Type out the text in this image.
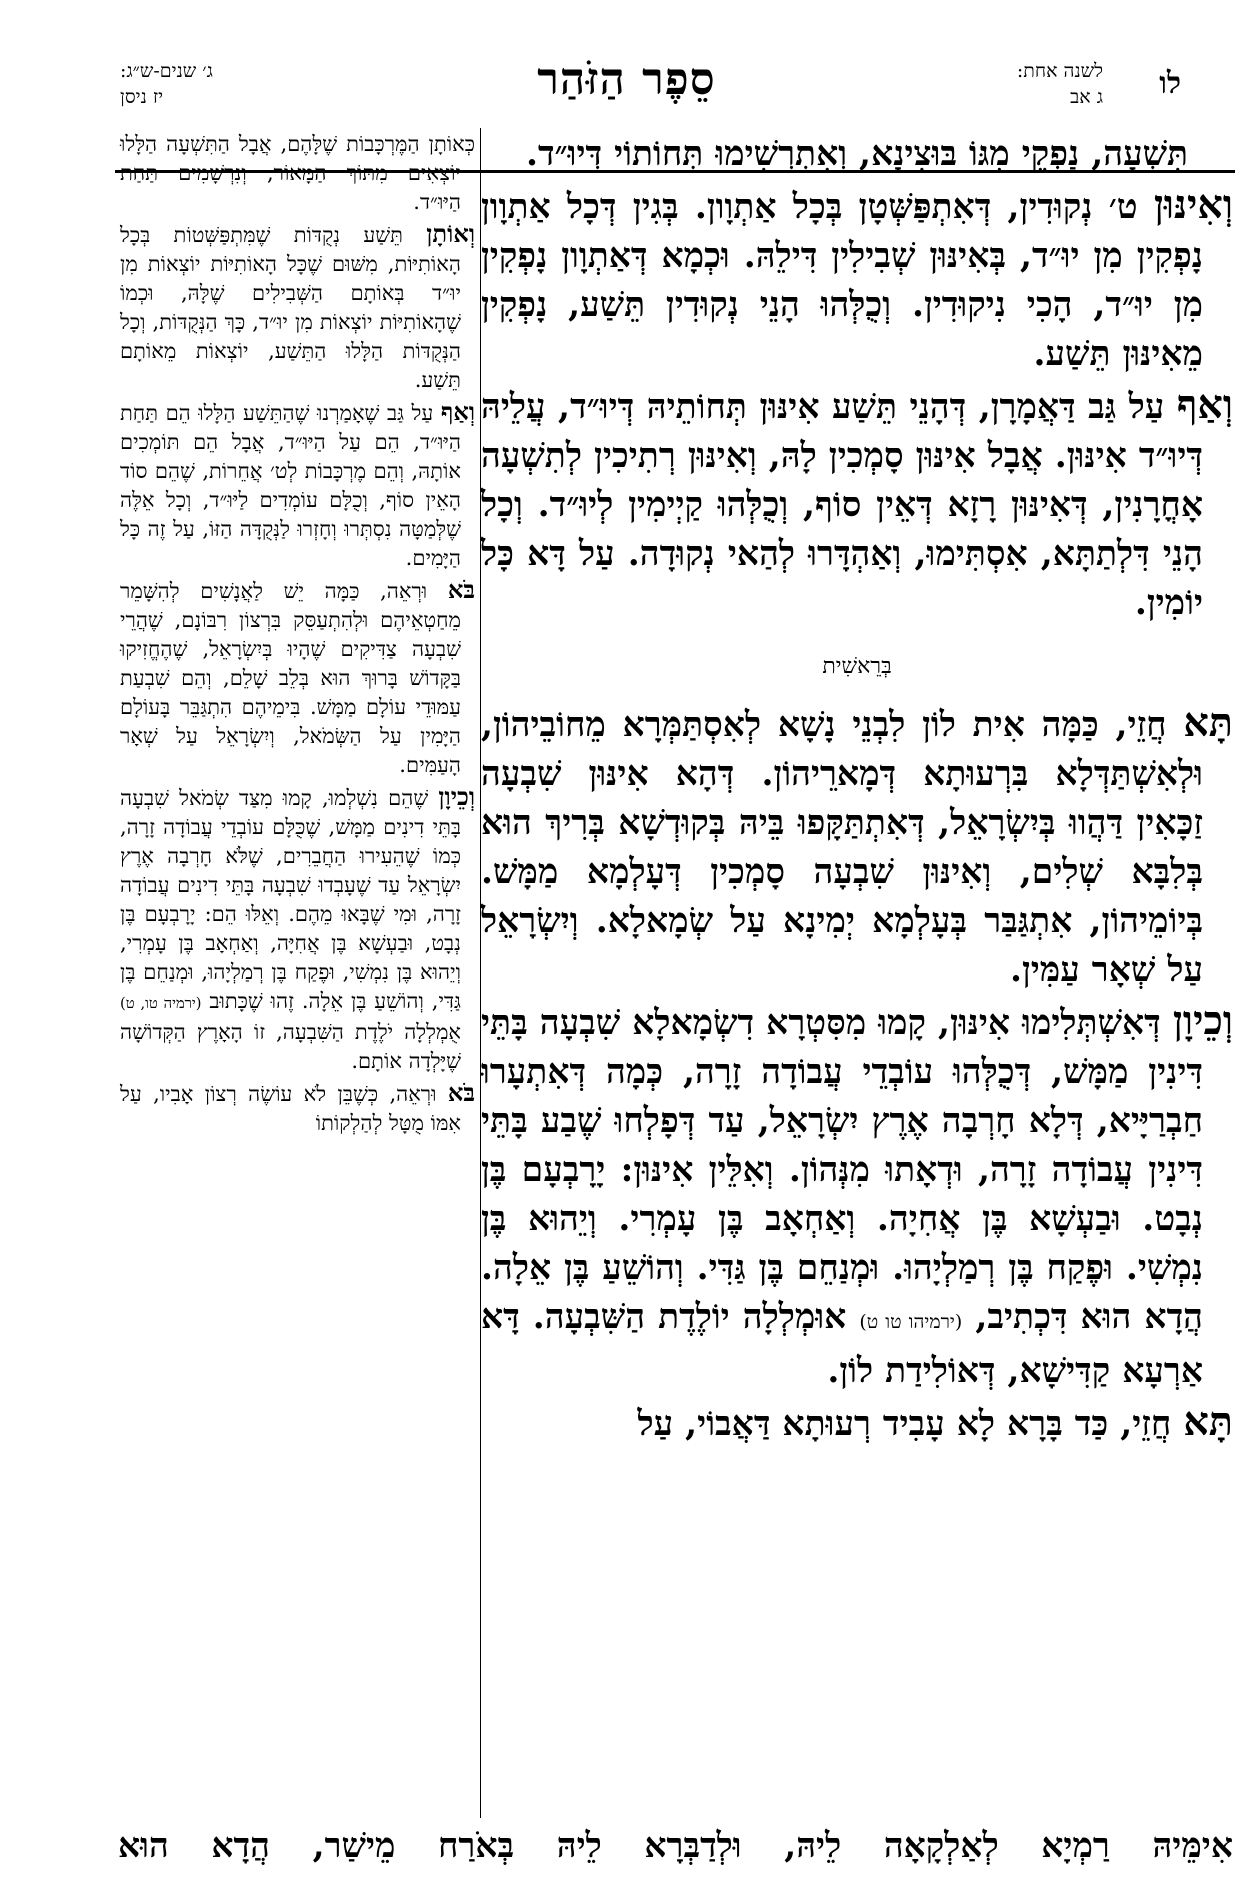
לו
לשנה אחת:
ג אב
סֵפֶר הַזֹּהַר
ג׳ שנים-ש״ג:
יז ניסן

תִּשְׁעָה, נַפְקֵי מִגּוֹ בּוּצִינָא, וְאִתְרְשִׁימוּ תְּחוֹתוֹי דְּיוּ״ד.

וְאִינּוּן ט׳ נְקוּדִין, דְּאִתְפַּשְּׁטָן בְּכָל אַתְוָון. בְּגִין דְּכָל אַתְוָון נָפְקִין מִן יוּ״ד, בְּאִינּוּן שְׁבִילִין דִּילֵהּ. וּכְמָא דְּאַתְוָון נָפְקִין מִן יוּ״ד, הָכִי נִיקוּדִין. וְכֻלְּהוּ הָנֵי נְקוּדִין תֵּשַׁע, נָפְקִין מֵאִינּוּן תֵּשַׁע.

וְאַף עַל גַּב דַּאֲמָרָן, דְּהָנֵי תֵּשַׁע אִינּוּן תְּחוֹתֵיהּ דְּיוּ״ד, עֲלֵיהּ דְּיוּ״ד אִינּוּן. אֲבָל אִינּוּן סָמְכִין לָהּ, וְאִינּוּן רְתִיכִין לְתִשְׁעָה אָחֳרָנִין, דְּאִינּוּן רָזָא דְּאֵין סוֹף, וְכֻלְּהוּ קַיְימִין לְיוּ״ד. וְכָל הָנֵי דִּלְתַתָּא, אִסְתִּימוּ, וְאַהְדָּרוּ לְהַאי נְקוּדָה. עַל דָּא כָּל יוֹמִין.

בְּרֵאשִׁית

תָּא חֲזֵי, כַּמָּה אִית לוֹן לִבְנֵי נָשָׁא לְאִסְתַּמְּרָא מֵחוֹבֵיהוֹן, וּלְאִשְׁתַּדְּלָא בִּרְעוּתָא דְּמָארֵיהוֹן. דְּהָא אִינּוּן שִׁבְעָה זַכָּאִין דַּהֲווּ בְּיִשְׂרָאֵל, דְּאִתְתַּקָּפוּ בֵּיהּ בְּקוּדְשָׁא בְּרִיךְ הוּא בְּלִבָּא שְׁלִים, וְאִינּוּן שִׁבְעָה סָמְכִין דְּעָלְמָא מַמָּשׁ. בְּיוֹמֵיהוֹן, אִתְגַּבַּר בְּעָלְמָא יְמִינָא עַל שְׂמָאלָא. וְיִשְׂרָאֵל עַל שְׁאָר עַמִּין.

וְכֵיוָן דְּאִשְׁתְּלִימוּ אִינּוּן, קָמוּ מִסִּטְרָא דִשְׂמָאלָא שִׁבְעָה בָּתֵּי דִּינִין מַמָּשׁ, דְּכֻלְּהוּ עוֹבְדֵי עֲבוֹדָה זָרָה, כְּמָה דְּאִתְעָרוּ חַבְרַיָּיא, דְּלָא חָרְבָה אֶרֶץ יִשְׂרָאֵל, עַד דְּפָלְחוּ שֶׁבַע בָּתֵּי דִּינִין עֲבוֹדָה זָרָה, וּדְאָתוּ מִנְּהוֹן. וְאִלֵּין אִינּוּן: יָרָבְעָם בֶּן נְבָט. וּבַעְשָׁא בֶּן אֲחִיָה. וְאַחְאָב בֶּן עָמְרִי. וְיֵהוּא בֶּן נִמְשִׁי. וּפֶקַח בֶּן רְמַלְיָהוּ. וּמְנַחֵם בֶּן גַּדִּי. וְהוֹשֵׁעַ בֶּן אֵלָה. הֲדָא הוּא דִּכְתִיב, (ירמיהו טו ט) אוּמְלְלָה יוֹלֶדֶת הַשִּׁבְעָה. דָּא אַרְעָא קַדִּישָׁא, דְּאוֹלִידַת לוֹן.

תָּא חֲזֵי, כַּד בָּרָא לָא עָבִיד רְעוּתָא דַּאֲבוֹי, עַל

כְּאוֹתָן הַמֶּרְכָּבוֹת שֶׁלָּהֶם, אֲבָל הַתִּשְׁעָה הַלָּלוּ יוֹצְאִים מִתּוֹךְ הַמָּאוֹר, וְנִרְשָׁמִים תַּחַת הַיּוּ״ד.

וְאוֹתָן תֵּשַׁע נְקֻדּוֹת שֶׁמִּתְפַּשְּׁטוֹת בְּכָל הָאוֹתִיּוֹת, מִשּׁוּם שֶׁכָּל הָאוֹתִיּוֹת יוֹצְאוֹת מִן יוּ״ד בְּאוֹתָם הַשְּׁבִילִים שֶׁלָּהּ, וּכְמוֹ שֶׁהָאוֹתִיּוֹת יוֹצְאוֹת מִן יוּ״ד, כָּךְ הַנְּקֻדּוֹת, וְכָל הַנְּקֻדּוֹת הַלָּלוּ הַתֵּשַׁע, יוֹצְאוֹת מֵאוֹתָם תֵּשַׁע.

וְאַף עַל גַּב שֶׁאָמַרְנוּ שֶׁהַתֵּשַׁע הַלָּלוּ הֵם תַּחַת הַיּוּ״ד, הֵם עַל הַיּוּ״ד, אֲבָל הֵם תּוֹמְכִים אוֹתָהּ, וְהֵם מֶרְכָּבוֹת לְט׳ אֲחֵרוֹת, שֶׁהֵם סוֹד הָאֵין סוֹף, וְכֻלָּם עוֹמְדִים לַיּוּ״ד, וְכָל אֵלֶּה שֶׁלְּמַטָּה נִסְתְּרוּ וְחָזְרוּ לַנְּקֻדָּה הַזּוֹ, עַל זֶה כָּל הַיָּמִים.

בֹּא וּרְאֵה, כַּמָּה יֵשׁ לַאֲנָשִׁים לְהִשָּׁמֵר מֵחַטְאֵיהֶם וּלְהִתְעַסֵּק בִּרְצוֹן רִבּוֹנָם, שֶׁהֲרֵי שִׁבְעָה צַדִּיקִים שֶׁהָיוּ בְּיִשְׂרָאֵל, שֶׁהֶחֱזִיקוּ בַּקָּדוֹשׁ בָּרוּךְ הוּא בְּלֵב שָׁלֵם, וְהֵם שִׁבְעַת עַמּוּדֵי עוֹלָם מַמָּשׁ. בִּימֵיהֶם הִתְגַּבֵּר בָּעוֹלָם הַיָּמִין עַל הַשְּׂמֹאל, וְיִשְׂרָאֵל עַל שְׁאָר הָעַמִּים.

וְכֵיוָן שֶׁהֵם נִשְׁלְמוּ, קָמוּ מִצַּד שְׂמֹאל שִׁבְעָה בָּתֵּי דִינִים מַמָּשׁ, שֶׁכֻּלָּם עוֹבְדֵי עֲבוֹדָה זָרָה, כְּמוֹ שֶׁהֵעִירוּ הַחֲבֵרִים, שֶׁלֹּא חָרְבָה אֶרֶץ יִשְׂרָאֵל עַד שֶׁעָבְדוּ שִׁבְעָה בָּתֵּי דִינִים עֲבוֹדָה זָרָה, וּמִי שֶׁבָּאוּ מֵהֶם. וְאֵלּוּ הֵם: יָרָבְעָם בֶּן נְבָט, וּבַעְשָׁא בֶּן אֲחִיָּה, וְאַחְאָב בֶּן עָמְרִי, וְיֵהוּא בֶּן נִמְשִׁי, וּפֶקַח בֶּן רְמַלְיָהוּ, וּמְנַחֵם בֶּן גַּדִּי, וְהוֹשֵׁעַ בֶּן אֵלָה. זֶהוּ שֶׁכָּתוּב (ירמיה טו, ט) אֻמְלְלָה יֹלֶדֶת הַשִּׁבְעָה, זוֹ הָאָרֶץ הַקְּדוֹשָׁה שֶׁיָּלְדָה אוֹתָם.

בֹּא וּרְאֵה, כְּשֶׁבֵּן לֹא עוֹשֶׂה רְצוֹן אָבִיו, עַל אִמּוֹ מֻטָּל לְהַלְקוֹתוֹ

אִימֵּיהּ רַמְיָא לְאַלְקָאָה לֵיהּ, וּלְדַבְּרָא לֵיהּ בְּאֹרַח מֵישַׁר, הֲדָא הוּא
